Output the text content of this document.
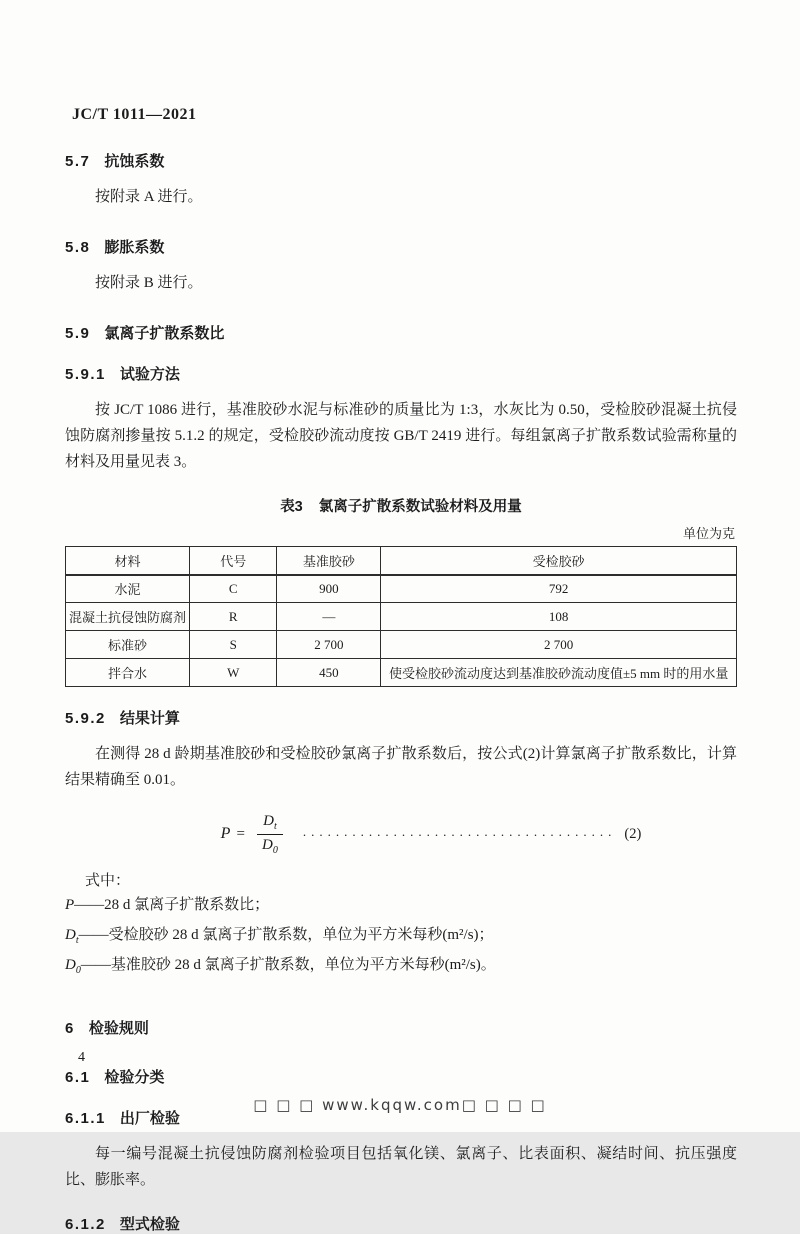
JC/T 1011—2021
5.7 抗蚀系数

按附录 A 进行。

5.8 膨胀系数

按附录 B 进行。

5.9 氯离子扩散系数比
5.9.1 试验方法

按 JC/T 1086 进行，基准胶砂水泥与标准砂的质量比为 1:3，水灰比为 0.50，受检胶砂混凝土抗侵蚀防腐剂掺量按 5.1.2 的规定，受检胶砂流动度按 GB/T 2419 进行。每组氯离子扩散系数试验需称量的材料及用量见表 3。

表3 氯离子扩散系数试验材料及用量
单位为克
材料	代号	基准胶砂	受检胶砂
水泥	C	900	792
混凝土抗侵蚀防腐剂	R	—	108
标准砂	S	2 700	2 700
拌合水	W	450	使受检胶砂流动度达到基准胶砂流动度值±5 mm 时的用水量
5.9.2 结果计算

在测得 28 d 龄期基准胶砂和受检胶砂氯离子扩散系数后，按公式(2)计算氯离子扩散系数比，计算结果精确至 0.01。

$P = \frac{D_t}{D_0}$ ...................................... (2)
式中：
P——28 d 氯离子扩散系数比；
$D_t——$受检胶砂 28 d 氯离子扩散系数，单位为平方米每秒(m²/s)；
$D_0——$基准胶砂 28 d 氯离子扩散系数，单位为平方米每秒(m²/s)。
6 检验规则
6.1 检验分类
6.1.1 出厂检验

每一编号混凝土抗侵蚀防腐剂检验项目包括氧化镁、氯离子、比表面积、凝结时间、抗压强度比、膨胀率。

6.1.2 型式检验
4
□ □ □ www.kqqw.com□ □ □ □
